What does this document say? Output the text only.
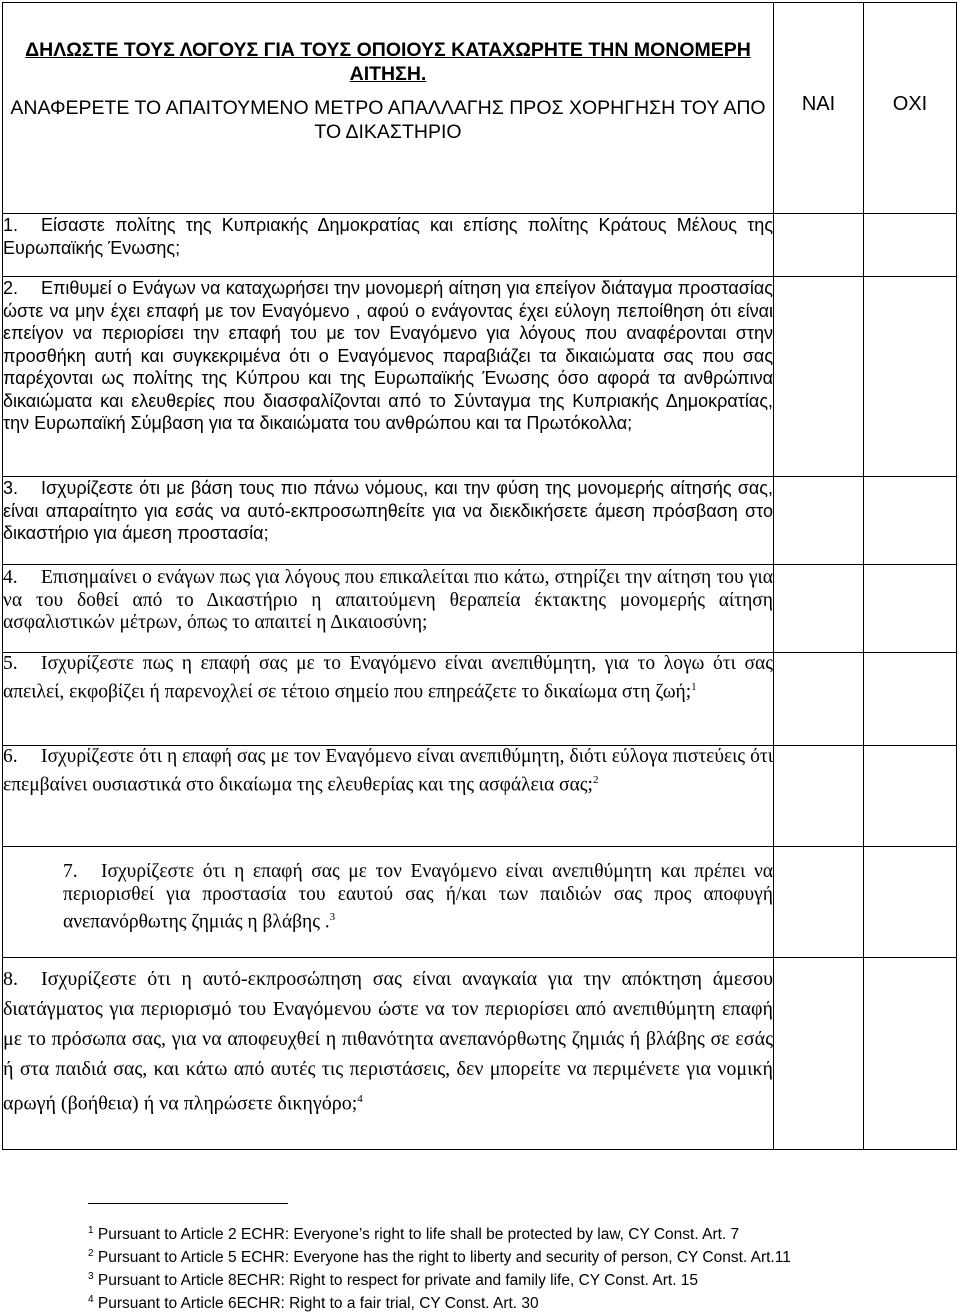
ΔΗΛΩΣΤΕ ΤΟΥΣ ΛΟΓΟΥΣ ΓΙΑ ΤΟΥΣ ΟΠΟΙΟΥΣ ΚΑΤΑΧΩΡΗΤΕ ΤΗΝ ΜΟΝΟΜΕΡΗ ΑΙΤΗΣΗ.
ΑΝΑΦΕΡΕΤΕ ΤΟ ΑΠΑΙΤΟΥΜΕΝΟ ΜΕΤΡΟ ΑΠΑΛΛΑΓΗΣ ΠΡΟΣ ΧΟΡΗΓΗΣΗ ΤΟΥ ΑΠΟ ΤΟ ΔΙΚΑΣΤΗΡΙΟ	ΝΑΙ	ΟΧΙ
1. Είσαστε πολίτης της Κυπριακής Δημοκρατίας και επίσης πολίτης Κράτους Μέλους της Ευρωπαϊκής Ένωσης;		
2. Επιθυμεί ο Ενάγων να καταχωρήσει την μονομερή αίτηση για επείγον διάταγμα προστασίας ώστε να μην έχει επαφή με τον Εναγόμενο , αφού ο ενάγοντας έχει εύλογη πεποίθηση ότι είναι επείγον να περιορίσει την επαφή του με τον Εναγόμενο για λόγους που αναφέρονται στην προσθήκη αυτή και συγκεκριμένα ότι ο Εναγόμενος παραβιάζει τα δικαιώματα σας που σας παρέχονται ως πολίτης της Κύπρου και της Ευρωπαϊκής Ένωσης όσο αφορά τα ανθρώπινα δικαιώματα και ελευθερίες που διασφαλίζονται από το Σύνταγμα της Κυπριακής Δημοκρατίας, την Ευρωπαϊκή Σύμβαση για τα δικαιώματα του ανθρώπου και τα Πρωτόκολλα;		
3. Ισχυρίζεστε ότι με βάση τους πιο πάνω νόμους, και την φύση της μονομερής αίτησής σας, είναι απαραίτητο για εσάς να αυτό-εκπροσωπηθείτε για να διεκδικήσετε άμεση πρόσβαση στο δικαστήριο για άμεση προστασία;		
4. Επισημαίνει ο ενάγων πως για λόγους που επικαλείται πιο κάτω, στηρίζει την αίτηση του για να του δοθεί από το Δικαστήριο η απαιτούμενη θεραπεία έκτακτης μονομερής αίτηση ασφαλιστικών μέτρων, όπως το απαιτεί η Δικαιοσύνη;		
5. Ισχυρίζεστε πως η επαφή σας με το Εναγόμενο είναι ανεπιθύμητη, για το λογω ότι σας απειλεί, εκφοβίζει ή παρενοχλεί σε τέτοιο σημείο που επηρεάζετε το δικαίωμα στη ζωή;$^1$		
6. Ισχυρίζεστε ότι η επαφή σας με τον Εναγόμενο είναι ανεπιθύμητη, διότι εύλογα πιστεύεις ότι επεμβαίνει ουσιαστικά στο δικαίωμα της ελευθερίας και της ασφάλεια σας;$^2$		
7. Ισχυρίζεστε ότι η επαφή σας με τον Εναγόμενο είναι ανεπιθύμητη και πρέπει να περιορισθεί για προστασία του εαυτού σας ή/και των παιδιών σας προς αποφυγή ανεπανόρθωτης ζημιάς η βλάβης .$^3$		
8. Ισχυρίζεστε ότι η αυτό-εκπροσώπηση σας είναι αναγκαία για την απόκτηση άμεσου διατάγματος για περιορισμό του Εναγόμενου ώστε να τον περιορίσει από ανεπιθύμητη επαφή με το πρόσωπα σας, για να αποφευχθεί η πιθανότητα ανεπανόρθωτης ζημιάς ή βλάβης σε εσάς ή στα παιδιά σας, και κάτω από αυτές τις περιστάσεις, δεν μπορείτε να περιμένετε για νομική αρωγή (βοήθεια) ή να πληρώσετε δικηγόρο;$^4$		
$^1$ Pursuant to Article 2 ECHR: Everyone’s right to life shall be protected by law, CY Const. Art. 7
$^2$ Pursuant to Article 5 ECHR: Everyone has the right to liberty and security of person, CY Const. Art.11
$^3$ Pursuant to Article 8ECHR: Right to respect for private and family life, CY Const. Art. 15
$^4$ Pursuant to Article 6ECHR: Right to a fair trial, CY Const. Art. 30
